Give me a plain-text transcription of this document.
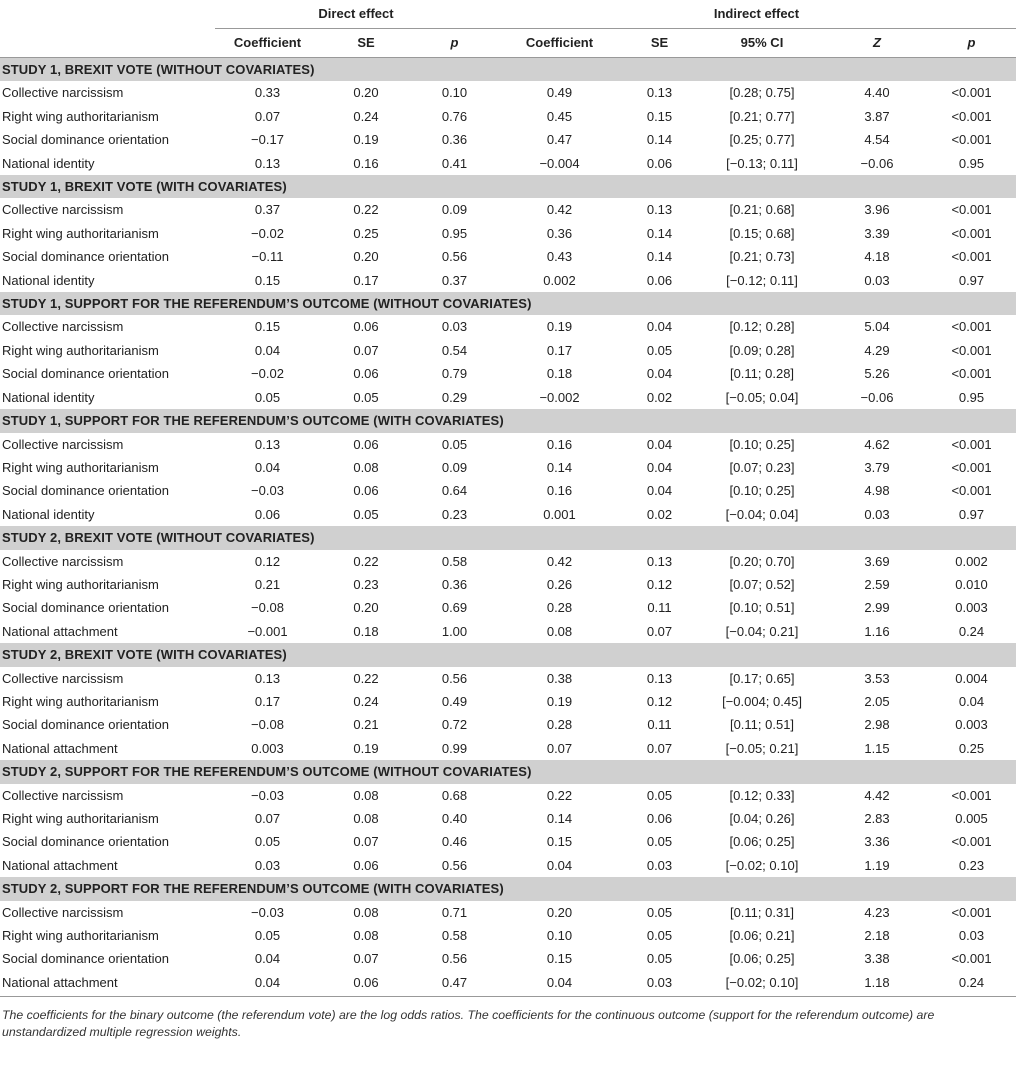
	Direct effect			Indirect effect				
	Coefficient	SE	p	Coefficient	SE	95% CI	Z	p
STUDY 1, BREXIT VOTE (WITHOUT COVARIATES)								
Collective narcissism	0.33	0.20	0.10	0.49	0.13	[0.28; 0.75]	4.40	<0.001
Right wing authoritarianism	0.07	0.24	0.76	0.45	0.15	[0.21; 0.77]	3.87	<0.001
Social dominance orientation	−0.17	0.19	0.36	0.47	0.14	[0.25; 0.77]	4.54	<0.001
National identity	0.13	0.16	0.41	−0.004	0.06	[−0.13; 0.11]	−0.06	0.95
STUDY 1, BREXIT VOTE (WITH COVARIATES)								
Collective narcissism	0.37	0.22	0.09	0.42	0.13	[0.21; 0.68]	3.96	<0.001
Right wing authoritarianism	−0.02	0.25	0.95	0.36	0.14	[0.15; 0.68]	3.39	<0.001
Social dominance orientation	−0.11	0.20	0.56	0.43	0.14	[0.21; 0.73]	4.18	<0.001
National identity	0.15	0.17	0.37	0.002	0.06	[−0.12; 0.11]	0.03	0.97
STUDY 1, SUPPORT FOR THE REFERENDUM’S OUTCOME (WITHOUT COVARIATES)								
Collective narcissism	0.15	0.06	0.03	0.19	0.04	[0.12; 0.28]	5.04	<0.001
Right wing authoritarianism	0.04	0.07	0.54	0.17	0.05	[0.09; 0.28]	4.29	<0.001
Social dominance orientation	−0.02	0.06	0.79	0.18	0.04	[0.11; 0.28]	5.26	<0.001
National identity	0.05	0.05	0.29	−0.002	0.02	[−0.05; 0.04]	−0.06	0.95
STUDY 1, SUPPORT FOR THE REFERENDUM’S OUTCOME (WITH COVARIATES)								
Collective narcissism	0.13	0.06	0.05	0.16	0.04	[0.10; 0.25]	4.62	<0.001
Right wing authoritarianism	0.04	0.08	0.09	0.14	0.04	[0.07; 0.23]	3.79	<0.001
Social dominance orientation	−0.03	0.06	0.64	0.16	0.04	[0.10; 0.25]	4.98	<0.001
National identity	0.06	0.05	0.23	0.001	0.02	[−0.04; 0.04]	0.03	0.97
STUDY 2, BREXIT VOTE (WITHOUT COVARIATES)								
Collective narcissism	0.12	0.22	0.58	0.42	0.13	[0.20; 0.70]	3.69	0.002
Right wing authoritarianism	0.21	0.23	0.36	0.26	0.12	[0.07; 0.52]	2.59	0.010
Social dominance orientation	−0.08	0.20	0.69	0.28	0.11	[0.10; 0.51]	2.99	0.003
National attachment	−0.001	0.18	1.00	0.08	0.07	[−0.04; 0.21]	1.16	0.24
STUDY 2, BREXIT VOTE (WITH COVARIATES)								
Collective narcissism	0.13	0.22	0.56	0.38	0.13	[0.17; 0.65]	3.53	0.004
Right wing authoritarianism	0.17	0.24	0.49	0.19	0.12	[−0.004; 0.45]	2.05	0.04
Social dominance orientation	−0.08	0.21	0.72	0.28	0.11	[0.11; 0.51]	2.98	0.003
National attachment	0.003	0.19	0.99	0.07	0.07	[−0.05; 0.21]	1.15	0.25
STUDY 2, SUPPORT FOR THE REFERENDUM’S OUTCOME (WITHOUT COVARIATES)								
Collective narcissism	−0.03	0.08	0.68	0.22	0.05	[0.12; 0.33]	4.42	<0.001
Right wing authoritarianism	0.07	0.08	0.40	0.14	0.06	[0.04; 0.26]	2.83	0.005
Social dominance orientation	0.05	0.07	0.46	0.15	0.05	[0.06; 0.25]	3.36	<0.001
National attachment	0.03	0.06	0.56	0.04	0.03	[−0.02; 0.10]	1.19	0.23
STUDY 2, SUPPORT FOR THE REFERENDUM’S OUTCOME (WITH COVARIATES)								
Collective narcissism	−0.03	0.08	0.71	0.20	0.05	[0.11; 0.31]	4.23	<0.001
Right wing authoritarianism	0.05	0.08	0.58	0.10	0.05	[0.06; 0.21]	2.18	0.03
Social dominance orientation	0.04	0.07	0.56	0.15	0.05	[0.06; 0.25]	3.38	<0.001
National attachment	0.04	0.06	0.47	0.04	0.03	[−0.02; 0.10]	1.18	0.24
The coefficients for the binary outcome (the referendum vote) are the log odds ratios. The coefficients for the continuous outcome (support for the referendum outcome) are unstandardized multiple regression weights.
